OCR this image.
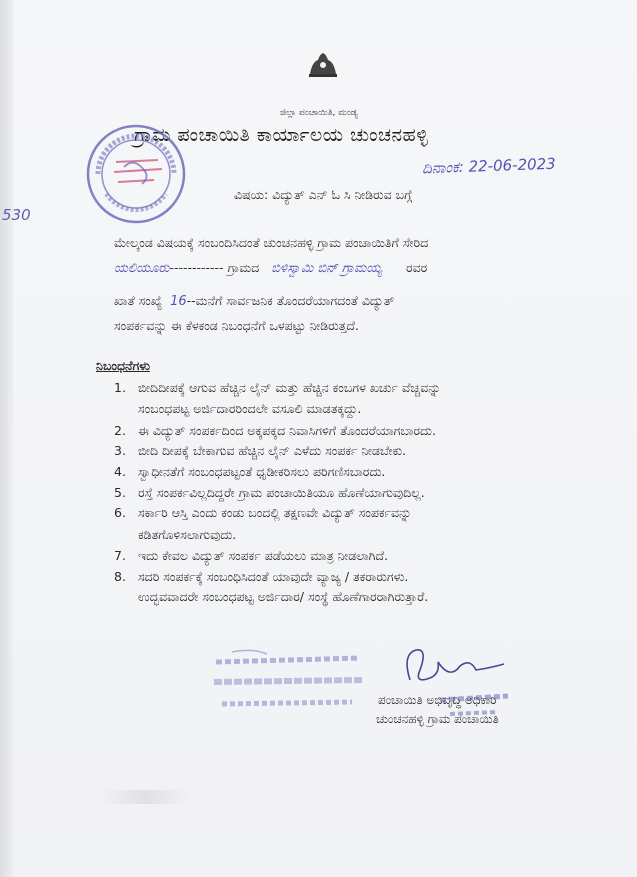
ಜಿಲ್ಲಾ ಪಂಚಾಯಿತಿ, ಮಂಡ್ಯ
ಗ್ರಾಮ ಪಂಚಾಯಿತಿ ಕಾರ್ಯಾಲಯ ಚುಂಚನಹಳ್ಳಿ
ದಿನಾಂಕ: 22-06-2023
530
ವಿಷಯ: ವಿದ್ಯುತ್ ಎನ್ ಓ ಸಿ ನೀಡಿರುವ ಬಗ್ಗೆ
ಮೇಲ್ಕಂಡ ವಿಷಯಕ್ಕೆ ಸಂಬಂದಿಸಿದಂತೆ ಚುಂಚನಹಳ್ಳಿ ಗ್ರಾಮ ಪಂಚಾಯಿತಿಗೆ ಸೇರಿದ
ಯಲಿಯೂರು------------ ಗ್ರಾಮದ ಬಿಳಿಸ್ವಾಮಿ ಬಿನ್ ಗ್ರಾಮಯ್ಯ ರವರ
ಖಾತೆ ಸಂಖ್ಯೆ 16--ಮನೆಗೆ ಸಾರ್ವಜನಿಕ ತೊಂದರೆಯಾಗದಂತೆ ವಿದ್ಯುತ್
ಸಂಪರ್ಕವನ್ನು ಈ ಕೆಳಕಂಡ ನಿಬಂಧನೆಗೆ ಒಳಪಟ್ಟು ನೀಡಿರುತ್ತದೆ.
ನಿಬಂಧನೆಗಳು
1. ಬೀದಿದೀಪಕ್ಕೆ ಆಗುವ ಹೆಚ್ಚಿನ ಲೈನ್ ಮತ್ತು ಹೆಚ್ಚಿನ ಕಂಬಗಳ ಖರ್ಚು ವೆಚ್ಚವನ್ನು
ಸಂಬಂಧಪಟ್ಟ ಅರ್ಜಿದಾರರಿಂದಲೇ ವಸೂಲಿ ಮಾಡತಕ್ಕದ್ದು.
2. ಈ ವಿದ್ಯುತ್ ಸಂಪರ್ಕದಿಂದ ಅಕ್ಕಪಕ್ಕದ ನಿವಾಸಿಗಳಿಗೆ ತೊಂದರೆಯಾಗಬಾರದು.
3. ಬೀದಿ ದೀಪಕ್ಕೆ ಬೇಕಾಗುವ ಹೆಚ್ಚಿನ ಲೈನ್ ಎಳೆದು ಸಂಪರ್ಕ ನೀಡಬೇಕು.
4. ಸ್ವಾಧೀನತೆಗೆ ಸಂಬಂಧಪಟ್ಟಂತೆ ಧೃಡೀಕರಿಸಲು ಪರಿಗಣಿಸಬಾರದು.
5. ರಸ್ತೆ ಸಂಪರ್ಕವಿಲ್ಲದಿದ್ದರೇ ಗ್ರಾಮ ಪಂಚಾಯಿತಿಯೂ ಹೊಣೆಯಾಗುವುದಿಲ್ಲ.
6. ಸರ್ಕಾರಿ ಆಸ್ತಿ ಎಂದು ಕಂಡು ಬಂದಲ್ಲಿ ತಕ್ಷಣವೇ ವಿದ್ಯುತ್ ಸಂಪರ್ಕವನ್ನು
ಕಡಿತಗೊಳಿಸಲಾಗುವುದು.
7. ಇದು ಕೇವಲ ವಿದ್ಯುತ್ ಸಂಪರ್ಕ ಪಡೆಯಲು ಮಾತ್ರ ನೀಡಲಾಗಿದೆ.
8. ಸದರಿ ಸಂಪರ್ಕಕ್ಕೆ ಸಂಬಂಧಿಸಿದಂತೆ ಯಾವುದೇ ವ್ಯಾಜ್ಯ / ತಕರಾರುಗಳು.
ಉದ್ಭವವಾದರೇ ಸಂಬಂಧಪಟ್ಟ ಅರ್ಜಿದಾರ/ ಸಂಸ್ಥೆ ಹೊಣೆಗಾರರಾಗಿರುತ್ತಾರೆ.
ಪಂಚಾಯಿತಿ ಅಭಿವೃದ್ಧಿ ಅಧಿಕಾರಿ
ಚುಂಚನಹಳ್ಳಿ ಗ್ರಾಮ ಪಂಚಾಯಿತಿ
